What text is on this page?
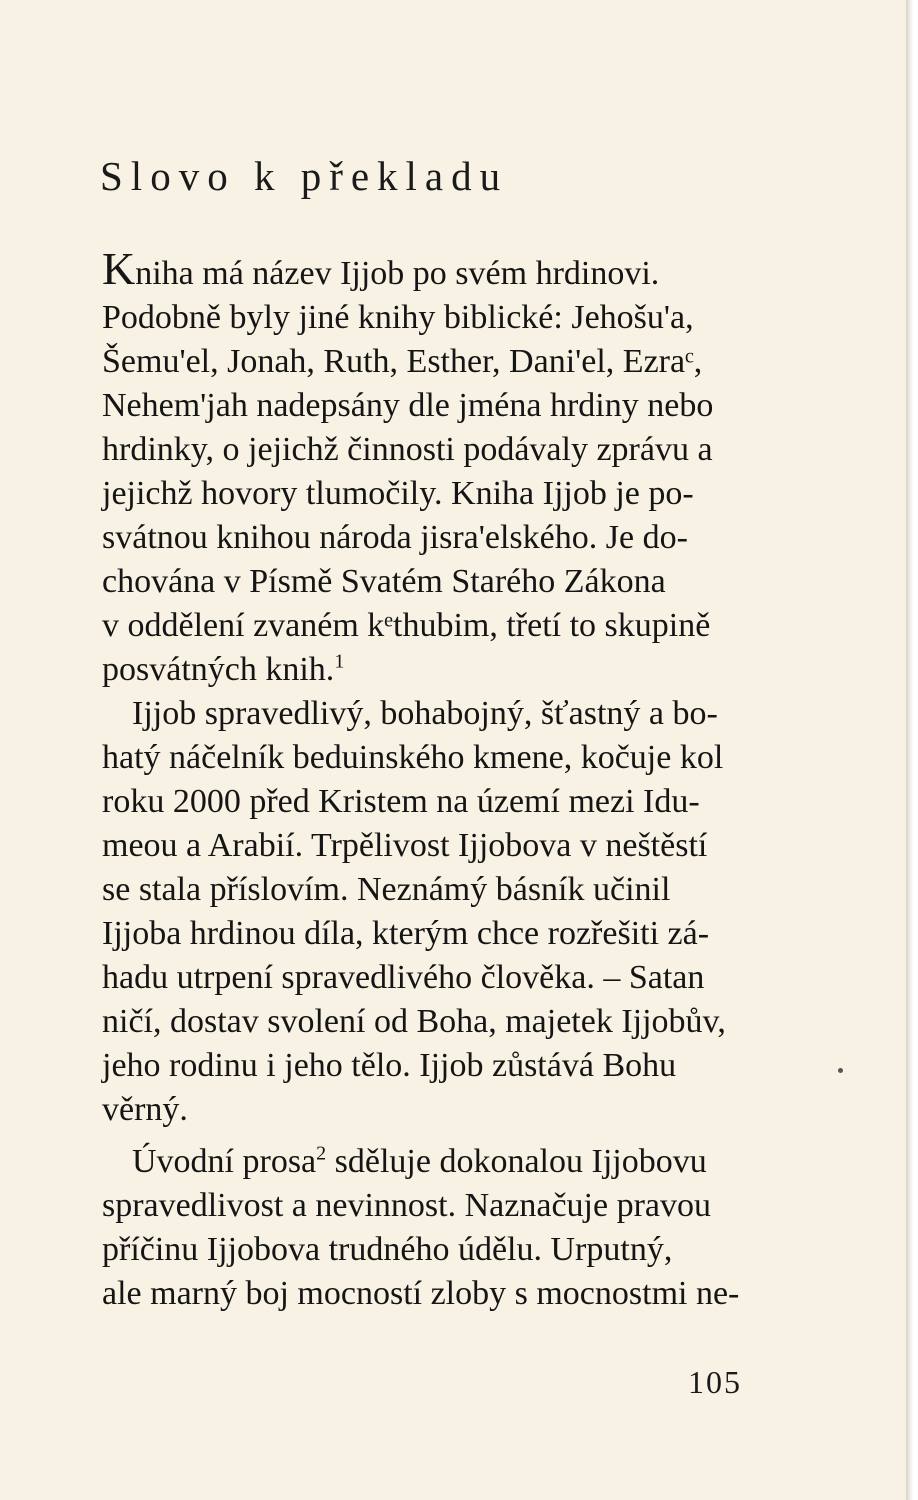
Slovo k překladu
Kniha má název Ijjob po svém hrdinovi.
Podobně byly jiné knihy biblické: Jehošu'a,
Šemu'el, Jonah, Ruth, Esther, Dani'el, Ezraᶜ,
Nehem'jah nadepsány dle jména hrdiny nebo
hrdinky, o jejichž činnosti podávaly zprávu a
jejichž hovory tlumočily. Kniha Ijjob je po-
svátnou knihou národa jisra'elského. Je do-
chována v Písmě Svatém Starého Zákona
v oddělení zvaném kᵉthubim, třetí to skupině
posvátných knih.$^1$
Ijjob spravedlivý, bohabojný, šťastný a bo-
hatý náčelník beduinského kmene, kočuje kol
roku 2000 před Kristem na území mezi Idu-
meou a Arabií. Trpělivost Ijjobova v neštěstí
se stala příslovím. Neznámý básník učinil
Ijjoba hrdinou díla, kterým chce rozřešiti zá-
hadu utrpení spravedlivého člověka. – Satan
ničí, dostav svolení od Boha, majetek Ijjobův,
jeho rodinu i jeho tělo. Ijjob zůstává Bohu
věrný.
Úvodní prosa$^2$ sděluje dokonalou Ijjobovu
spravedlivost a nevinnost. Naznačuje pravou
příčinu Ijjobova trudného údělu. Urputný,
ale marný boj mocností zloby s mocnostmi ne-
105
